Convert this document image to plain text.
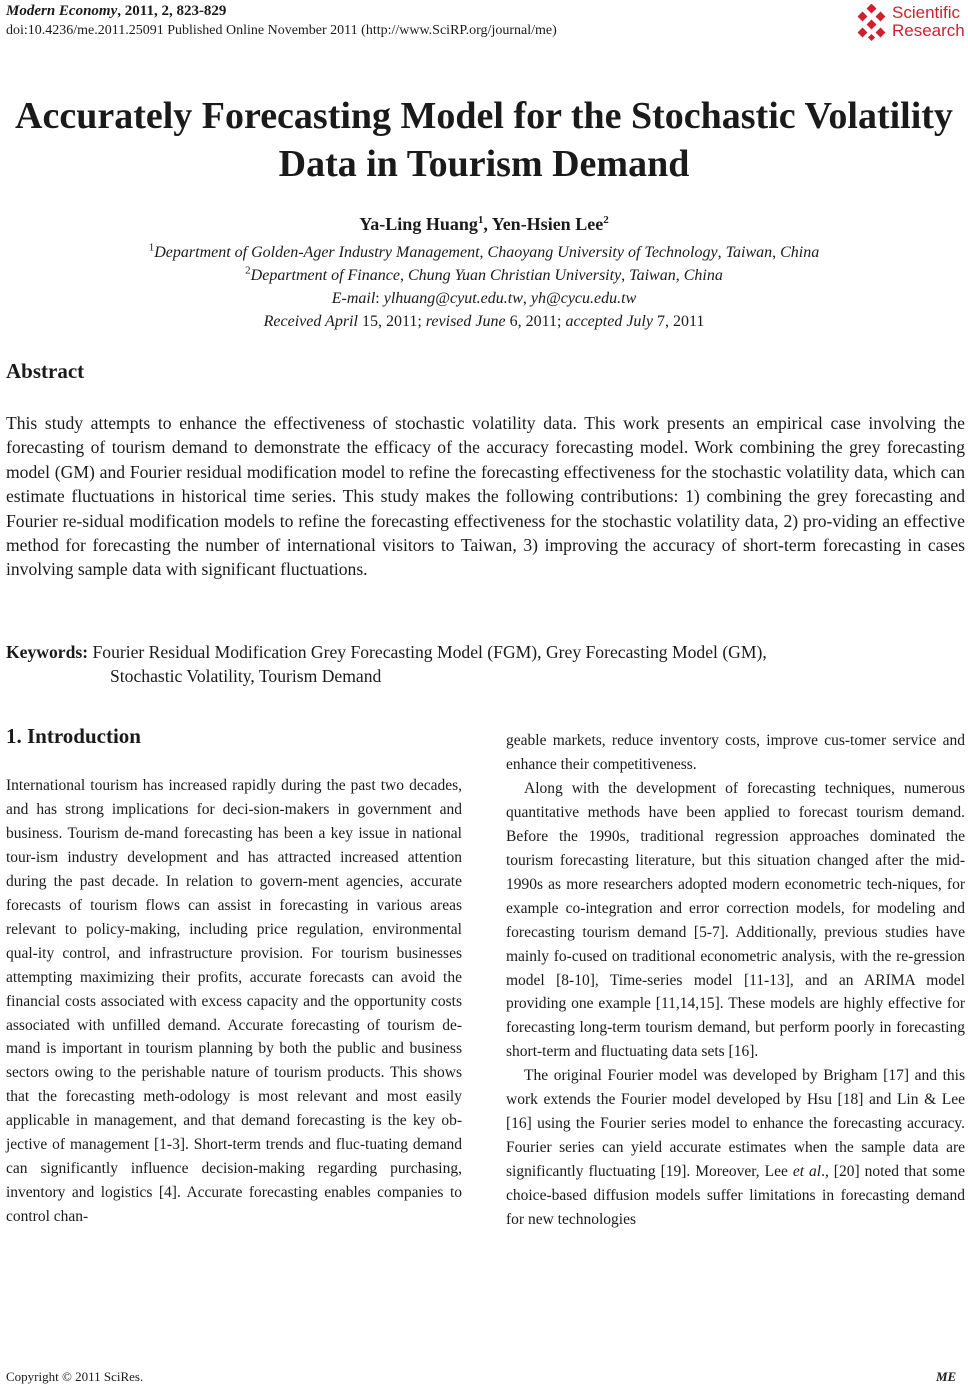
Modern Economy, 2011, 2, 823-829
doi:10.4236/me.2011.25091 Published Online November 2011 (http://www.SciRP.org/journal/me)
Scientific
Research
Accurately Forecasting Model for the Stochastic Volatility
Data in Tourism Demand
Ya-Ling Huang$^1$, Yen-Hsien Lee$^2$
$^1$Department of Golden-Ager Industry Management, Chaoyang University of Technology, Taiwan, China
$^2$Department of Finance, Chung Yuan Christian University, Taiwan, China
E-mail: ylhuang@cyut.edu.tw, yh@cycu.edu.tw
Received April 15, 2011; revised June 6, 2011; accepted July 7, 2011
Abstract
This study attempts to enhance the effectiveness of stochastic volatility data. This work presents an empirical case involving the forecasting of tourism demand to demonstrate the efficacy of the accuracy forecasting model. Work combining the grey forecasting model (GM) and Fourier residual modification model to refine the forecasting effectiveness for the stochastic volatility data, which can estimate fluctuations in historical time series. This study makes the following contributions: 1) combining the grey forecasting and Fourier re-sidual modification models to refine the forecasting effectiveness for the stochastic volatility data, 2) pro-viding an effective method for forecasting the number of international visitors to Taiwan, 3) improving the accuracy of short-term forecasting in cases involving sample data with significant fluctuations.
Keywords: Fourier Residual Modification Grey Forecasting Model (FGM), Grey Forecasting Model (GM),
Stochastic Volatility, Tourism Demand
1. Introduction

International tourism has increased rapidly during the past two decades, and has strong implications for deci-sion-makers in government and business. Tourism de-mand forecasting has been a key issue in national tour-ism industry development and has attracted increased attention during the past decade. In relation to govern-ment agencies, accurate forecasts of tourism flows can assist in forecasting in various areas relevant to policy-making, including price regulation, environmental qual-ity control, and infrastructure provision. For tourism businesses attempting maximizing their profits, accurate forecasts can avoid the financial costs associated with excess capacity and the opportunity costs associated with unfilled demand. Accurate forecasting of tourism de-mand is important in tourism planning by both the public and business sectors owing to the perishable nature of tourism products. This shows that the forecasting meth-odology is most relevant and most easily applicable in management, and that demand forecasting is the key ob-jective of management [1-3]. Short-term trends and fluc-tuating demand can significantly influence decision-making regarding purchasing, inventory and logistics [4]. Accurate forecasting enables companies to control chan-

geable markets, reduce inventory costs, improve cus-tomer service and enhance their competitiveness.

Along with the development of forecasting techniques, numerous quantitative methods have been applied to forecast tourism demand. Before the 1990s, traditional regression approaches dominated the tourism forecasting literature, but this situation changed after the mid-1990s as more researchers adopted modern econometric tech-niques, for example co-integration and error correction models, for modeling and forecasting tourism demand [5-7]. Additionally, previous studies have mainly fo-cused on traditional econometric analysis, with the re-gression model [8-10], Time-series model [11-13], and an ARIMA model providing one example [11,14,15]. These models are highly effective for forecasting long-term tourism demand, but perform poorly in forecasting short-term and fluctuating data sets [16].

The original Fourier model was developed by Brigham [17] and this work extends the Fourier model developed by Hsu [18] and Lin & Lee [16] using the Fourier series model to enhance the forecasting accuracy. Fourier series can yield accurate estimates when the sample data are significantly fluctuating [19]. Moreover, Lee et al., [20] noted that some choice-based diffusion models suffer limitations in forecasting demand for new technologies

Copyright © 2011 SciRes.	ME
